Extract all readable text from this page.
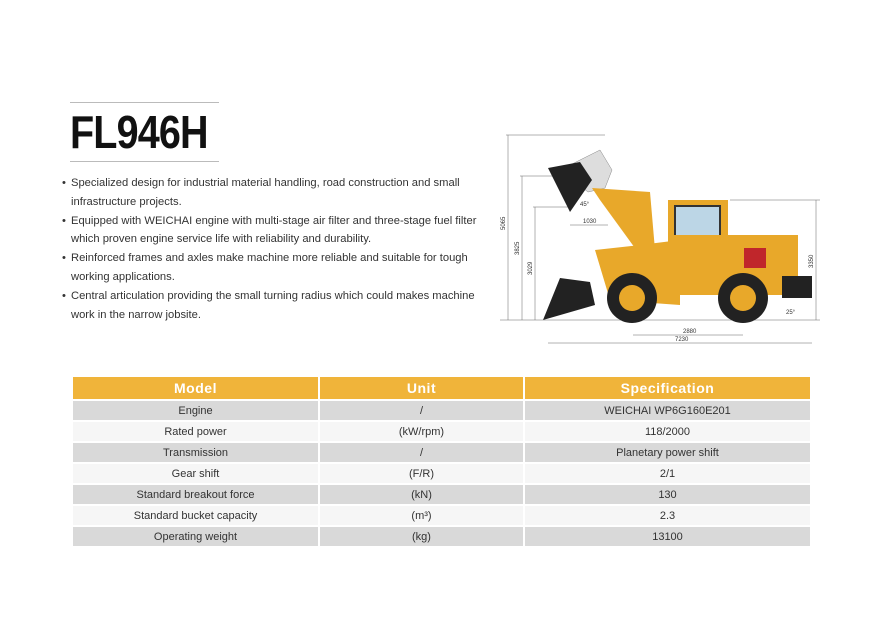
FL946H
• Specialized design for industrial material handling, road construction and small infrastructure projects.
• Equipped with WEICHAI engine with multi-stage air filter and three-stage fuel filter which proven engine service life with reliability and durability.
• Reinforced frames and axles make machine more reliable and suitable for tough working applications.
• Central articulation providing the small turning radius which could makes machine work in the narrow jobsite.
5065
3825
3029
1030
45°
2880
7230
3350
25°
Model	Unit	Specification
Engine	/	WEICHAI WP6G160E201
Rated power	(kW/rpm)	118/2000
Transmission	/	Planetary power shift
Gear shift	(F/R)	2/1
Standard breakout force	(kN)	130
Standard bucket capacity	(m³)	2.3
Operating weight	(kg)	13100
